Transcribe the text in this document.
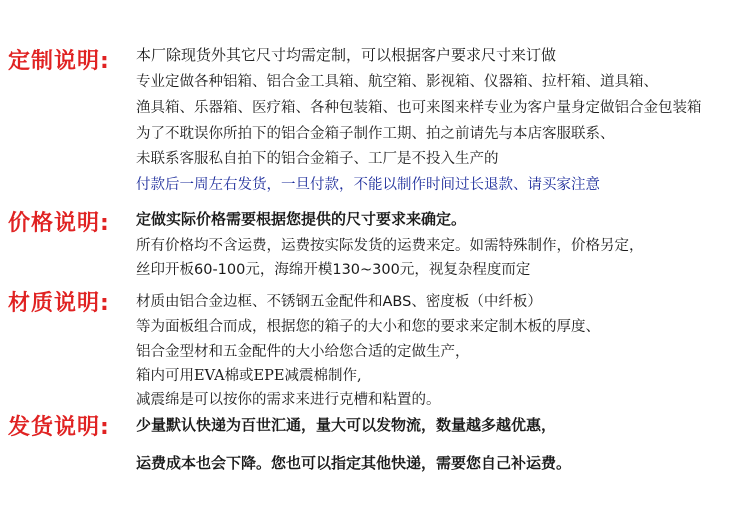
定制说明: 本厂除现货外其它尺寸均需定制，可以根据客户要求尺寸来订做
专业定做各种铝箱、铝合金工具箱、航空箱、影视箱、仪器箱、拉杆箱、道具箱、
渔具箱、乐器箱、医疗箱、各种包装箱、也可来图来样专业为客户量身定做铝合金包装箱
为了不耽误你所拍下的铝合金箱子制作工期、拍之前请先与本店客服联系、
未联系客服私自拍下的铝合金箱子、工厂是不投入生产的
付款后一周左右发货，一旦付款，不能以制作时间过长退款、请买家注意
价格说明: 定做实际价格需要根据您提供的尺寸要求来确定。
所有价格均不含运费，运费按实际发货的运费来定。如需特殊制作，价格另定，
丝印开板60-100元，海绵开模130~300元，视复杂程度而定
材质说明: 材质由铝合金边框、不锈钢五金配件和ABS、密度板（中纤板）
等为面板组合而成，根据您的箱子的大小和您的要求来定制木板的厚度、
铝合金型材和五金配件的大小给您合适的定做生产，
箱内可用EVA棉或EPE减震棉制作,
减震绵是可以按你的需求来进行克槽和粘置的。
发货说明: 少量默认快递为百世汇通，量大可以发物流，数量越多越优惠，
运费成本也会下降。您也可以指定其他快递，需要您自己补运费。
